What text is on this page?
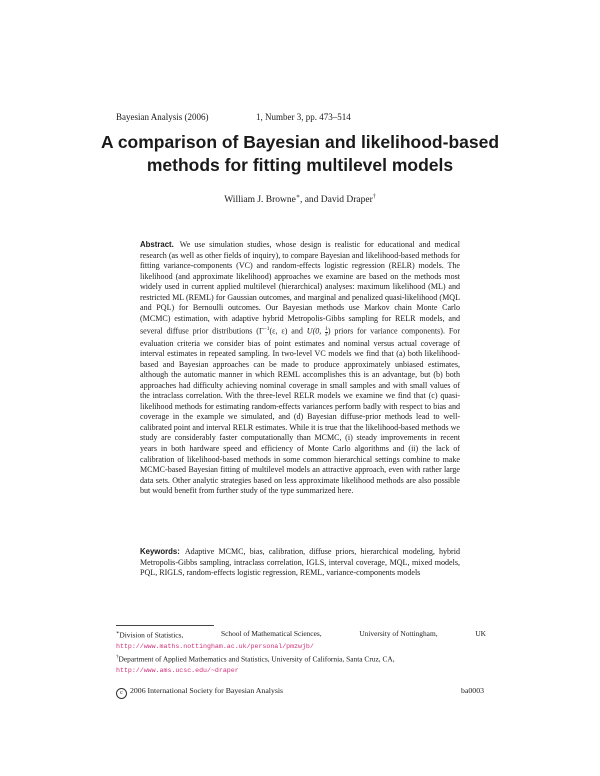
Bayesian Analysis (2006)	1, Number 3, pp. 473–514
A comparison of Bayesian and likelihood-based
methods for fitting multilevel models
William J. Browne∗, and David Draper†
Abstract. We use simulation studies, whose design is realistic for educational and medical research (as well as other fields of inquiry), to compare Bayesian and likelihood-based methods for fitting variance-components (VC) and random-effects logistic regression (RELR) models. The likelihood (and approximate likelihood) approaches we examine are based on the methods most widely used in current applied multilevel (hierarchical) analyses: maximum likelihood (ML) and restricted ML (REML) for Gaussian outcomes, and marginal and penalized quasi-likelihood (MQL and PQL) for Bernoulli outcomes. Our Bayesian methods use Markov chain Monte Carlo (MCMC) estimation, with adaptive hybrid Metropolis-Gibbs sampling for RELR models, and several diffuse prior distributions ($\Gamma^{-1}(\varepsilon$, ε) and U(0, $\frac{1}{\varepsilon}$ ) priors for variance components). For evaluation criteria we consider bias of point estimates and nominal versus actual coverage of interval estimates in repeated sampling. In two-level VC models we find that (a) both likelihood-based and Bayesian approaches can be made to produce approximately unbiased estimates, although the automatic manner in which REML accomplishes this is an advantage, but (b) both approaches had difficulty achieving nominal coverage in small samples and with small values of the intraclass correlation. With the three-level RELR models we examine we find that (c) quasi-likelihood methods for estimating random-effects variances perform badly with respect to bias and coverage in the example we simulated, and (d) Bayesian diffuse-prior methods lead to well-calibrated point and interval RELR estimates. While it is true that the likelihood-based methods we study are considerably faster computationally than MCMC, (i) steady improvements in recent years in both hardware speed and efficiency of Monte Carlo algorithms and (ii) the lack of calibration of likelihood-based methods in some common hierarchical settings combine to make MCMC-based Bayesian fitting of multilevel models an attractive approach, even with rather large data sets. Other analytic strategies based on less approximate likelihood methods are also possible but would benefit from further study of the type summarized here.
Keywords: Adaptive MCMC, bias, calibration, diffuse priors, hierarchical modeling, hybrid Metropolis-Gibbs sampling, intraclass correlation, IGLS, interval coverage, MQL, mixed models, PQL, RIGLS, random-effects logistic regression, REML, variance-components models

∗Division of Statistics,	School of Mathematical Sciences,	University of Nottingham,	UK

http://www.maths.nottingham.ac.uk/personal/pmzwjb/

†Department of Applied Mathematics and Statistics, University of California, Santa Cruz, CA,

http://www.ams.ucsc.edu/~draper

c 2006 International Society for Bayesian Analysis	ba0003
